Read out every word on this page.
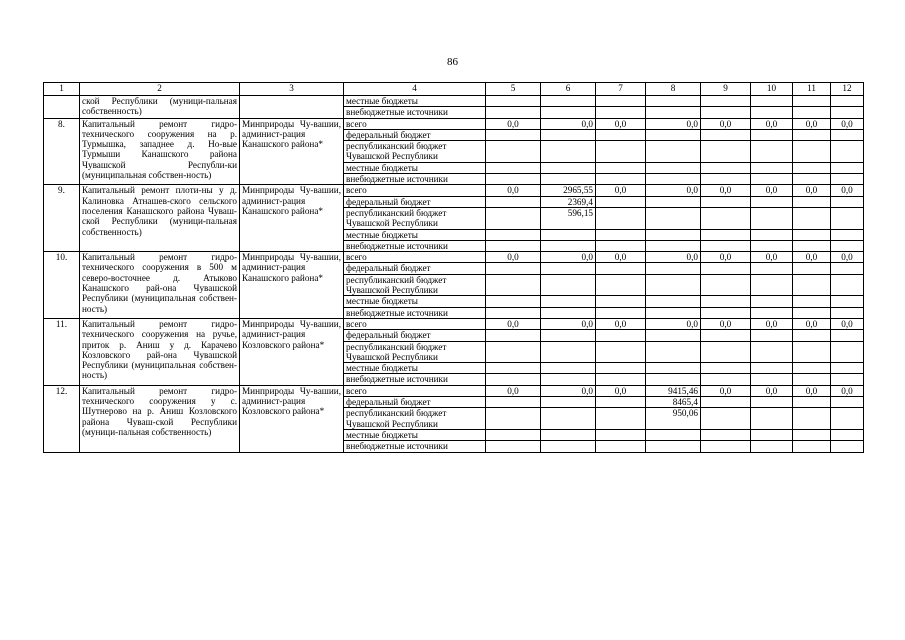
86
1	2	3	4	5	6	7	8	9	10	11	12
	ской Республики (муници-пальная собственность)		местные бюджеты								
			внебюджетные источники								
8.	Капитальный ремонт гидро-технического сооружения на р. Турмышка, западнее д. Но-вые Турмыши Канашского района Чувашской Республи-ки (муниципальная собствен-ность)	Минприроды Чу-вашии, админист-рация Канашского района*	всего	0,0	0,0	0,0	0,0	0,0	0,0	0,0	0,0
			федеральный бюджет								
			республиканский бюджет Чувашской Республики								
			местные бюджеты								
			внебюджетные источники								
9.	Капитальный ремонт плоти-ны у д. Калиновка Атнашев-ского сельского поселения Канашского района Чуваш-ской Республики (муници-пальная собственность)	Минприроды Чу-вашии, админист-рация Канашского района*	всего	0,0	2965,55	0,0	0,0	0,0	0,0	0,0	0,0
			федеральный бюджет		2369,4						
			республиканский бюджет Чувашской Республики		596,15						
			местные бюджеты								
			внебюджетные источники								
10.	Капитальный ремонт гидро-технического сооружения в 500 м северо-восточнее д. Атыково Канашского рай-она Чувашской Республики (муниципальная собствен-ность)	Минприроды Чу-вашии, админист-рация Канашского района*	всего	0,0	0,0	0,0	0,0	0,0	0,0	0,0	0,0
			федеральный бюджет								
			республиканский бюджет Чувашской Республики								
			местные бюджеты								
			внебюджетные источники								
11.	Капитальный ремонт гидро-технического сооружения на ручье, приток р. Аниш у д. Карачево Козловского рай-она Чувашской Республики (муниципальная собствен-ность)	Минприроды Чу-вашии, админист-рация Козловского района*	всего	0,0	0,0	0,0	0,0	0,0	0,0	0,0	0,0
			федеральный бюджет								
			республиканский бюджет Чувашской Республики								
			местные бюджеты								
			внебюджетные источники								
12.	Капитальный ремонт гидро-технического сооружения у с. Шутнерово на р. Аниш Козловского района Чуваш-ской Республики (муници-пальная собственность)	Минприроды Чу-вашии, админист-рация Козловского района*	всего	0,0	0,0	0,0	9415,46	0,0	0,0	0,0	0,0
			федеральный бюджет				8465,4				
			республиканский бюджет Чувашской Республики				950,06				
			местные бюджеты								
			внебюджетные источники								
